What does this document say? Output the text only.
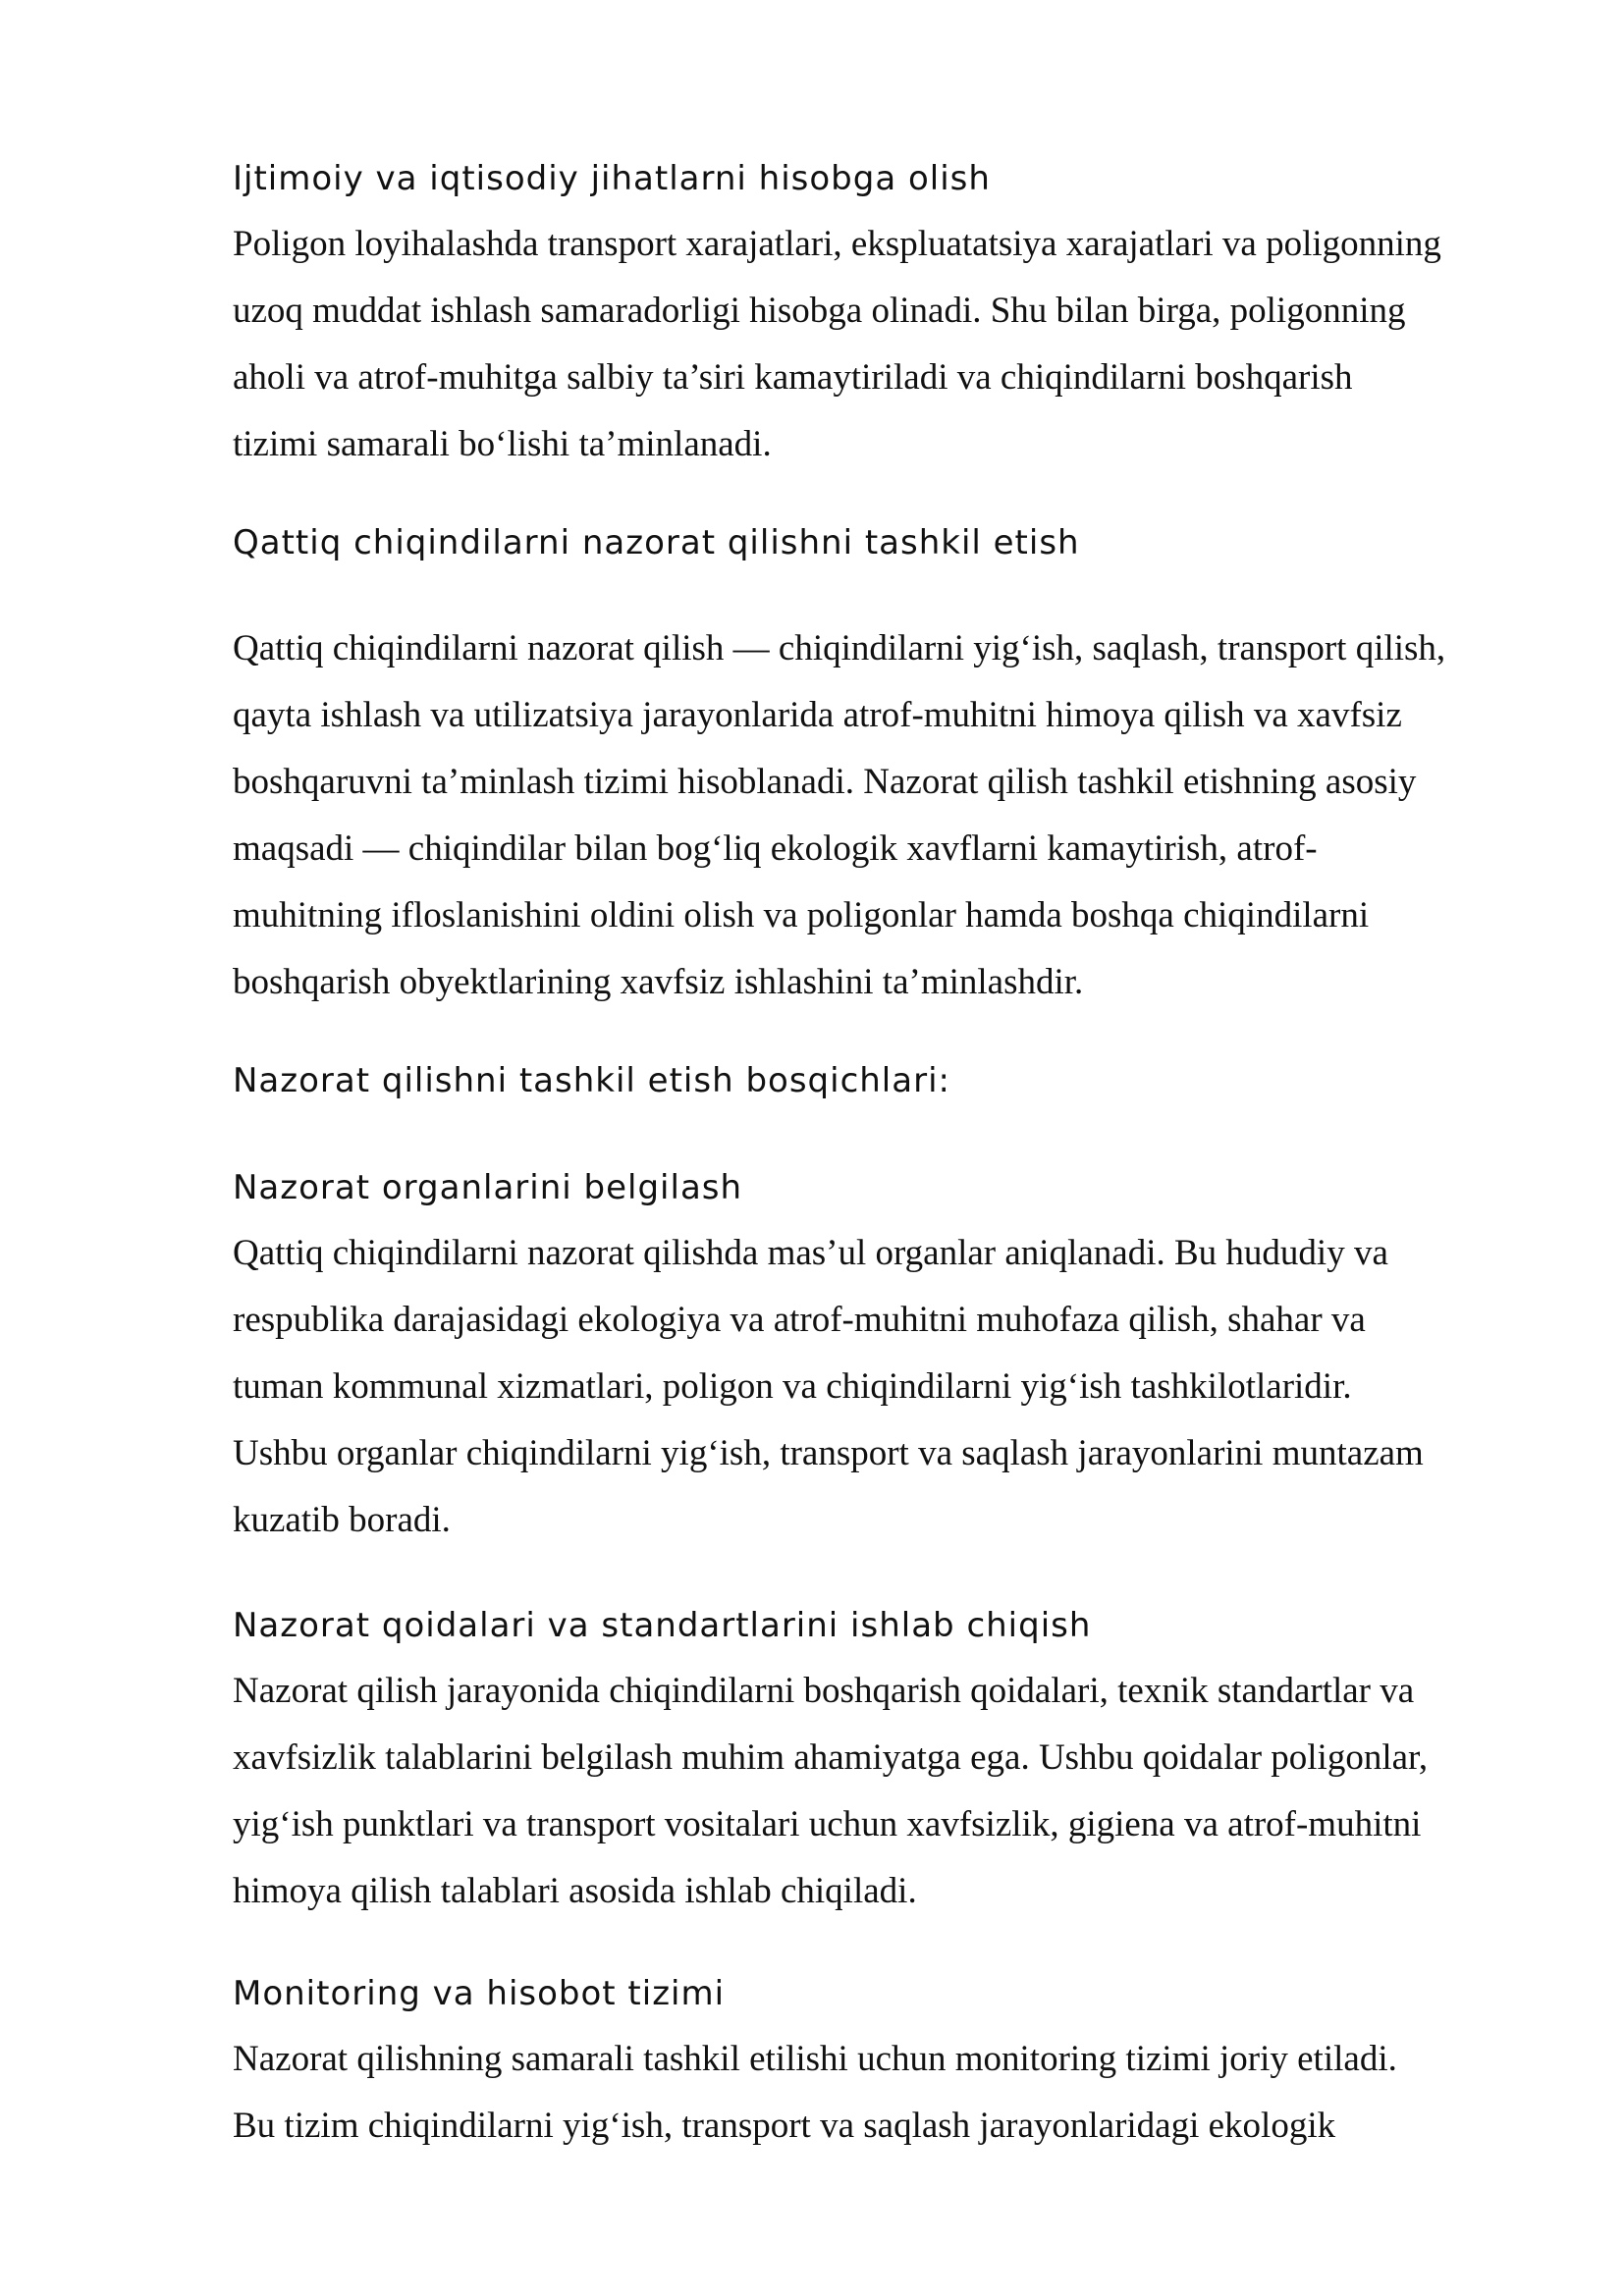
Ijtimoiy va iqtisodiy jihatlarni hisobga olish

Poligon loyihalashda transport xarajatlari, ekspluatatsiya xarajatlari va poligonning
uzoq muddat ishlash samaradorligi hisobga olinadi. Shu bilan birga, poligonning
aholi va atrof-muhitga salbiy ta’siri kamaytiriladi va chiqindilarni boshqarish
tizimi samarali bo‘lishi ta’minlanadi.

Qattiq chiqindilarni nazorat qilishni tashkil etish

Qattiq chiqindilarni nazorat qilish — chiqindilarni yig‘ish, saqlash, transport qilish,
qayta ishlash va utilizatsiya jarayonlarida atrof-muhitni himoya qilish va xavfsiz
boshqaruvni ta’minlash tizimi hisoblanadi. Nazorat qilish tashkil etishning asosiy
maqsadi — chiqindilar bilan bog‘liq ekologik xavflarni kamaytirish, atrof-
muhitning ifloslanishini oldini olish va poligonlar hamda boshqa chiqindilarni
boshqarish obyektlarining xavfsiz ishlashini ta’minlashdir.

Nazorat qilishni tashkil etish bosqichlari:
Nazorat organlarini belgilash

Qattiq chiqindilarni nazorat qilishda mas’ul organlar aniqlanadi. Bu hududiy va
respublika darajasidagi ekologiya va atrof-muhitni muhofaza qilish, shahar va
tuman kommunal xizmatlari, poligon va chiqindilarni yig‘ish tashkilotlaridir.
Ushbu organlar chiqindilarni yig‘ish, transport va saqlash jarayonlarini muntazam
kuzatib boradi.

Nazorat qoidalari va standartlarini ishlab chiqish

Nazorat qilish jarayonida chiqindilarni boshqarish qoidalari, texnik standartlar va
xavfsizlik talablarini belgilash muhim ahamiyatga ega. Ushbu qoidalar poligonlar,
yig‘ish punktlari va transport vositalari uchun xavfsizlik, gigiena va atrof-muhitni
himoya qilish talablari asosida ishlab chiqiladi.

Monitoring va hisobot tizimi

Nazorat qilishning samarali tashkil etilishi uchun monitoring tizimi joriy etiladi.
Bu tizim chiqindilarni yig‘ish, transport va saqlash jarayonlaridagi ekologik
